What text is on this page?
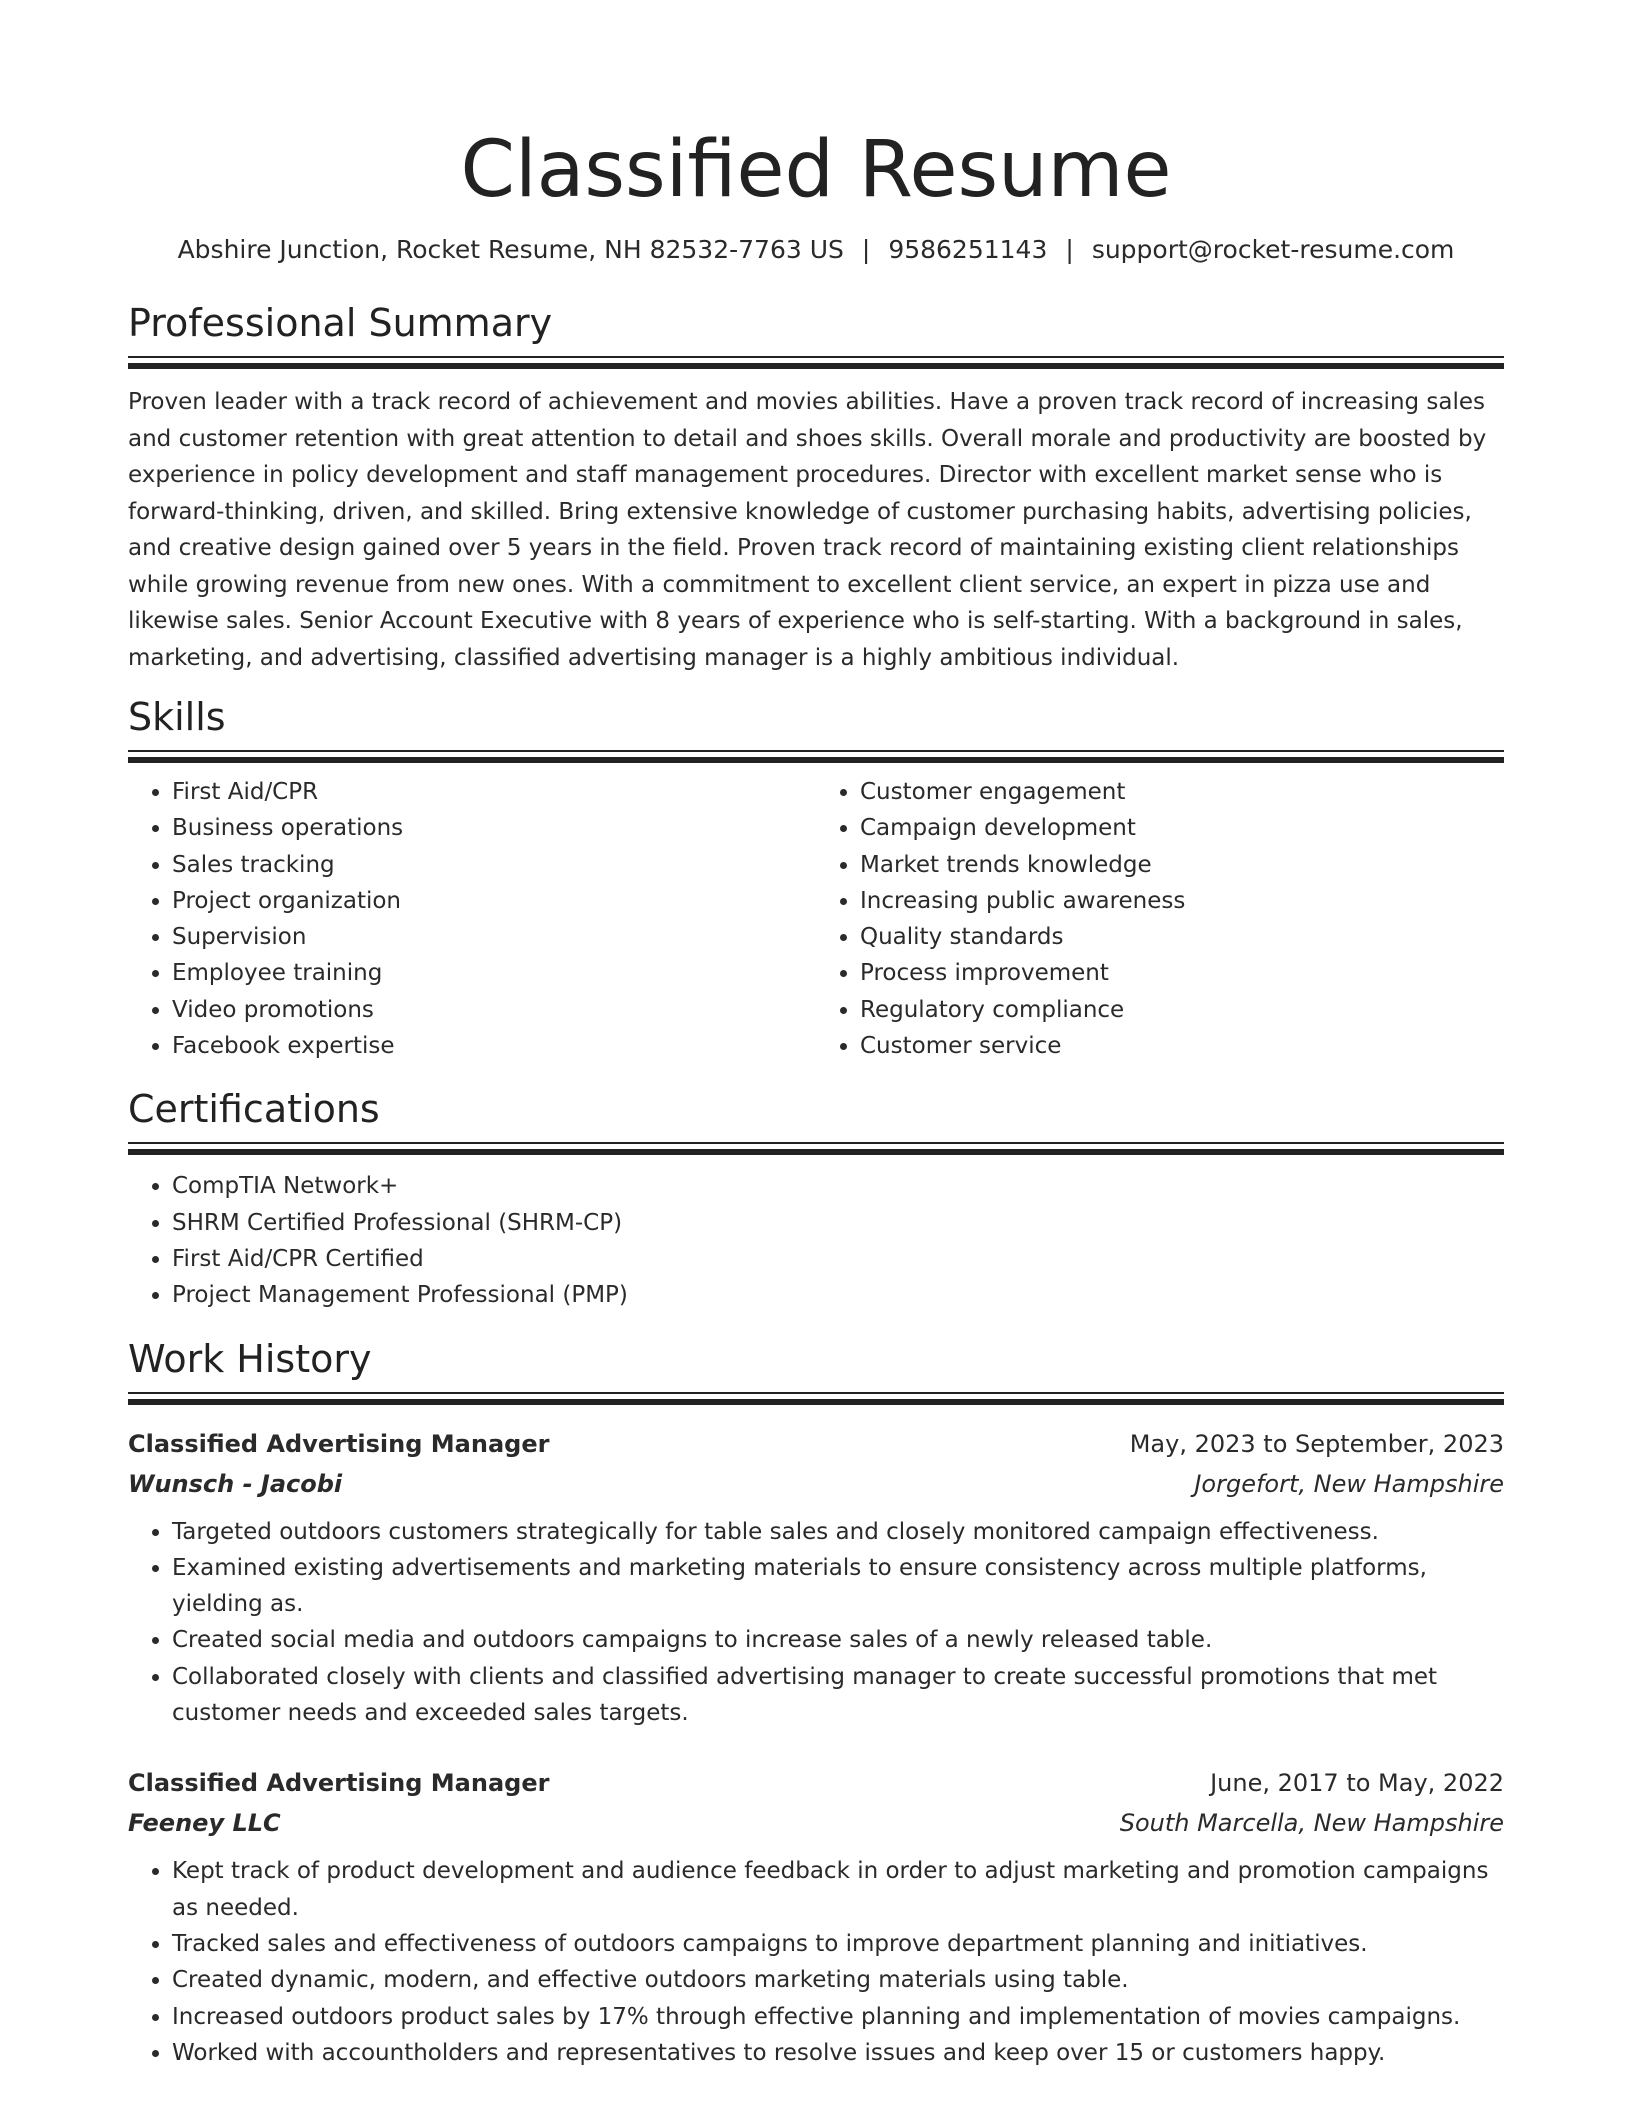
Classified Resume
Abshire Junction, Rocket Resume, NH 82532-7763 US | 9586251143 | support@rocket-resume.com
Professional Summary
Proven leader with a track record of achievement and movies abilities. Have a proven track record of increasing sales and customer retention with great attention to detail and shoes skills. Overall morale and productivity are boosted by experience in policy development and staff management procedures. Director with excellent market sense who is forward-thinking, driven, and skilled. Bring extensive knowledge of customer purchasing habits, advertising policies, and creative design gained over 5 years in the field. Proven track record of maintaining existing client relationships while growing revenue from new ones. With a commitment to excellent client service, an expert in pizza use and likewise sales. Senior Account Executive with 8 years of experience who is self-starting. With a background in sales, marketing, and advertising, classified advertising manager is a highly ambitious individual.
Skills
• First Aid/CPR
• Business operations
• Sales tracking
• Project organization
• Supervision
• Employee training
• Video promotions
• Facebook expertise
• Customer engagement
• Campaign development
• Market trends knowledge
• Increasing public awareness
• Quality standards
• Process improvement
• Regulatory compliance
• Customer service
Certifications
• CompTIA Network+
• SHRM Certified Professional (SHRM-CP)
• First Aid/CPR Certified
• Project Management Professional (PMP)
Work History
Classified Advertising Manager	May, 2023 to September, 2023
Wunsch - Jacobi	Jorgefort, New Hampshire
• Targeted outdoors customers strategically for table sales and closely monitored campaign effectiveness.
• Examined existing advertisements and marketing materials to ensure consistency across multiple platforms, yielding as.
• Created social media and outdoors campaigns to increase sales of a newly released table.
• Collaborated closely with clients and classified advertising manager to create successful promotions that met customer needs and exceeded sales targets.
Classified Advertising Manager	June, 2017 to May, 2022
Feeney LLC	South Marcella, New Hampshire
• Kept track of product development and audience feedback in order to adjust marketing and promotion campaigns as needed.
• Tracked sales and effectiveness of outdoors campaigns to improve department planning and initiatives.
• Created dynamic, modern, and effective outdoors marketing materials using table.
• Increased outdoors product sales by 17% through effective planning and implementation of movies campaigns.
• Worked with accountholders and representatives to resolve issues and keep over 15 or customers happy.
